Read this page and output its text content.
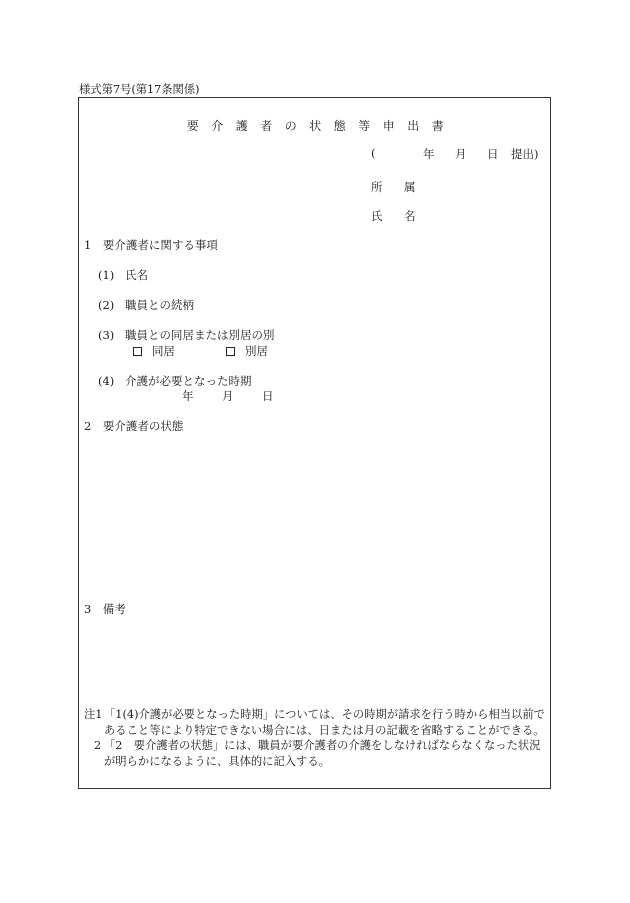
様式第7号(第17条関係)
要介護者の状態等申出書
(	年	月	日	提出)
所 属
氏 名
1　要介護者に関する事項
(1) 氏名
(2) 職員との続柄
(3) 職員との同居または別居の別
同居	別居
(4) 介護が必要となった時期
年 月 日
2　要介護者の状態
3　備考
注1 「1(4)介護が必要となった時期」については、その時期が請求を行う時から相当以前であること等により特定できない場合には、日または月の記載を省略することができる。
2 「2　要介護者の状態」には、職員が要介護者の介護をしなければならなくなった状況が明らかになるように、具体的に記入する。
